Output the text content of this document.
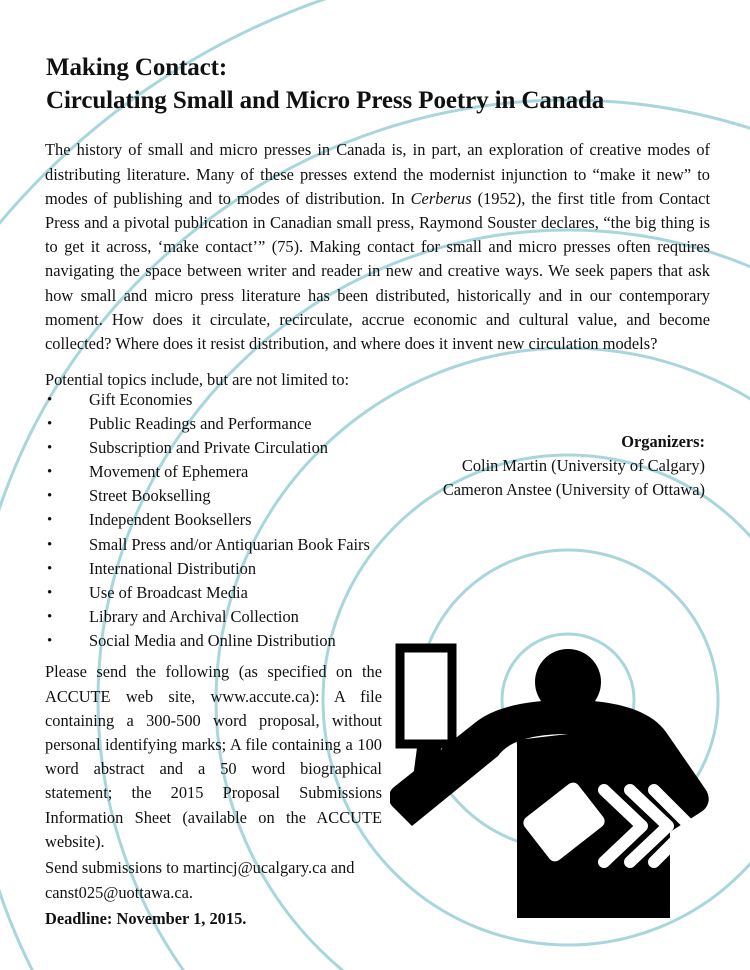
Making Contact:
Circulating Small and Micro Press Poetry in Canada

The history of small and micro presses in Canada is, in part, an exploration of creative modes of distributing literature. Many of these presses extend the modernist injunction to “make it new” to modes of publishing and to modes of distribution. In Cerberus (1952), the first title from Contact Press and a pivotal publication in Canadian small press, Raymond Souster declares, “the big thing is to get it across, ‘make contact’” (75). Making contact for small and micro presses often requires navigating the space between writer and reader in new and creative ways. We seek papers that ask how small and micro press literature has been distributed, historically and in our contemporary moment. How does it circulate, recirculate, accrue economic and cultural value, and become collected? Where does it resist distribution, and where does it invent new circulation models?

Potential topics include, but are not limited to:
• Gift Economies
• Public Readings and Performance
• Subscription and Private Circulation
• Movement of Ephemera
• Street Bookselling
• Independent Booksellers
• Small Press and/or Antiquarian Book Fairs
• International Distribution
• Use of Broadcast Media
• Library and Archival Collection
• Social Media and Online Distribution
Organizers:
Colin Martin (University of Calgary)
Cameron Anstee (University of Ottawa)

Please send the following (as specified on the ACCUTE web site, www.accute.ca): A file containing a 300-500 word proposal, without personal identifying marks; A file containing a 100 word abstract and a 50 word biographical statement; the 2015 Proposal Submissions Information Sheet (available on the ACCUTE website).

Send submissions to martincj@ucalgary.ca and canst025@uottawa.ca.

Deadline: November 1, 2015.
